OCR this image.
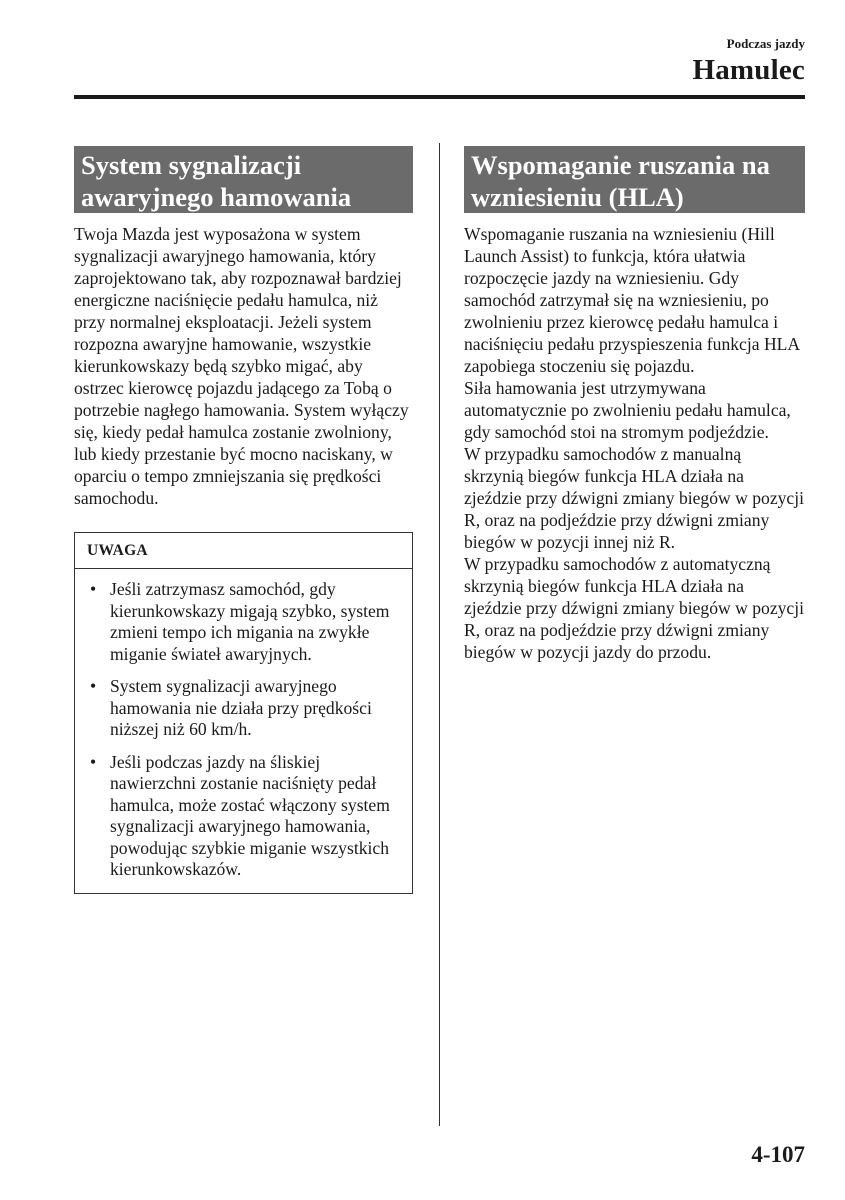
Podczas jazdy
Hamulec
System sygnalizacji
awaryjnego hamowania

Twoja Mazda jest wyposażona w system sygnalizacji awaryjnego hamowania, który zaprojektowano tak, aby rozpoznawał bardziej energiczne naciśnięcie pedału hamulca, niż przy normalnej eksploatacji. Jeżeli system rozpozna awaryjne hamowanie, wszystkie kierunkowskazy będą szybko migać, aby ostrzec kierowcę pojazdu jadącego za Tobą o potrzebie nagłego hamowania. System wyłączy się, kiedy pedał hamulca zostanie zwolniony, lub kiedy przestanie być mocno naciskany, w oparciu o tempo zmniejszania się prędkości samochodu.

UWAGA
• Jeśli zatrzymasz samochód, gdy kierunkowskazy migają szybko, system zmieni tempo ich migania na zwykłe miganie świateł awaryjnych.
• System sygnalizacji awaryjnego hamowania nie działa przy prędkości niższej niż 60 km/h.
• Jeśli podczas jazdy na śliskiej nawierzchni zostanie naciśnięty pedał hamulca, może zostać włączony system sygnalizacji awaryjnego hamowania, powodując szybkie miganie wszystkich kierunkowskazów.
Wspomaganie ruszania na
wzniesieniu (HLA)

Wspomaganie ruszania na wzniesieniu (Hill Launch Assist) to funkcja, która ułatwia rozpoczęcie jazdy na wzniesieniu. Gdy samochód zatrzymał się na wzniesieniu, po zwolnieniu przez kierowcę pedału hamulca i naciśnięciu pedału przyspieszenia funkcja HLA zapobiega stoczeniu się pojazdu.

Siła hamowania jest utrzymywana automatycznie po zwolnieniu pedału hamulca, gdy samochód stoi na stromym podjeździe.

W przypadku samochodów z manualną skrzynią biegów funkcja HLA działa na zjeździe przy dźwigni zmiany biegów w pozycji R, oraz na podjeździe przy dźwigni zmiany biegów w pozycji innej niż R.

W przypadku samochodów z automatyczną skrzynią biegów funkcja HLA działa na zjeździe przy dźwigni zmiany biegów w pozycji R, oraz na podjeździe przy dźwigni zmiany biegów w pozycji jazdy do przodu.

4-107
